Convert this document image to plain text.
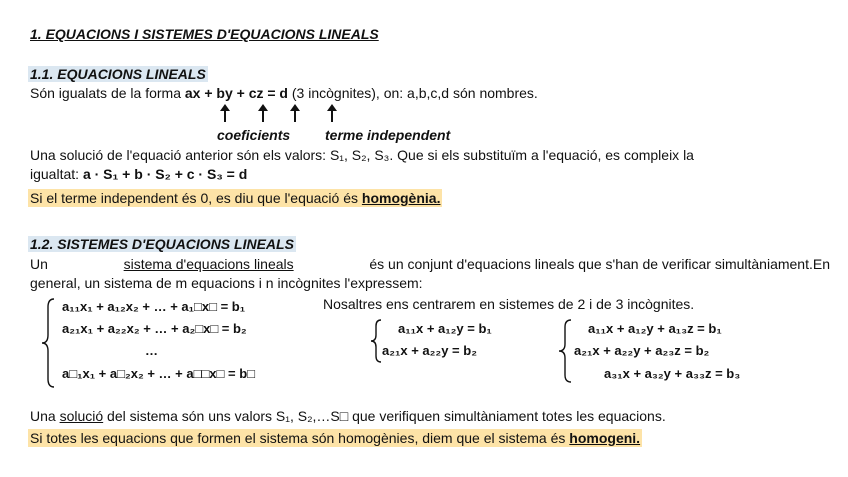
1. EQUACIONS I SISTEMES D'EQUACIONS LINEALS
1.1. EQUACIONS LINEALS
Són igualats de la forma ax + by + cz = d (3 incògnites), on: a,b,c,d són nombres.
coeficients terme independent
Una solució de l'equació anterior són els valors: S₁, S₂, S₃. Que si els substituïm a l'equació, es compleix la
igualtat: a · S₁ + b · S₂ + c · S₃ = d
Si el terme independent és 0, es diu que l'equació és homogènia.
1.2. SISTEMES D'EQUACIONS LINEALS
Un	sistema d'equacions lineals	és un conjunt d'equacions lineals que s'han de verificar simultàniament.En
general, un sistema de m equacions i n incògnites l'expressem:
a₁₁x₁ + a₁₂x₂ + … + a₁□x□ = b₁
a₂₁x₁ + a₂₂x₂ + … + a₂□x□ = b₂
…
a□₁x₁ + a□₂x₂ + … + a□□x□ = b□
Nosaltres ens centrarem en sistemes de 2 i de 3 incògnites.
a₁₁x + a₁₂y = b₁
a₂₁x + a₂₂y = b₂
a₁₁x + a₁₂y + a₁₃z = b₁
a₂₁x + a₂₂y + a₂₃z = b₂
a₃₁x + a₃₂y + a₃₃z = b₃
Una solució del sistema són uns valors S₁, S₂,…S□ que verifiquen simultàniament totes les equacions.
Si totes les equacions que formen el sistema són homogènies, diem que el sistema és homogeni.
